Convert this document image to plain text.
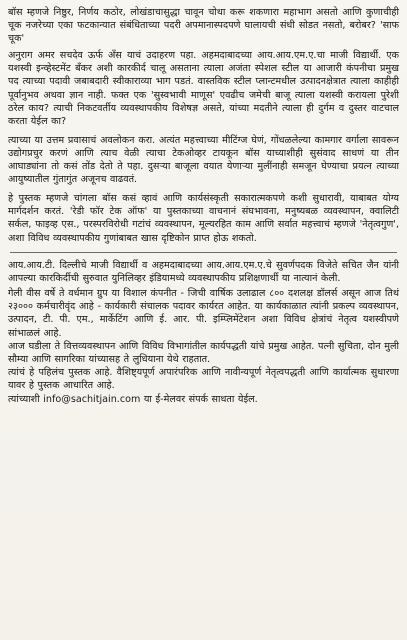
बॉस म्हणजे निष्ठुर, निर्णय कठोर, लोखंडाचासुद्धा चावून चोथा करू शकणारा महाभाग असतो आणि कुणाचीही चूक नजरेच्या एका फटकान्यात संबंधिताच्या पदरी अपमानास्पदपणे घालायची संधी सोडत नसतो, बरोबर? 'साफ चूक'

अनुराग अमर सचदेव ऊर्फ अँस याचं उदाहरण पहा. अहमदाबादच्या आय.आय.एम.ए.चा माजी विद्यार्थी. एक यशस्वी इन्व्हेस्टमेंट बँकर अशी कारकीर्द चालू असताना त्याला अजंता स्पेशल स्टील या आजारी कंपनीचा प्रमुख पद त्याच्या पदावी जबाबदारी स्वीकाराव्या भाग पडतं. वास्तविक स्टील प्लान्टमधील उत्पादनक्षेत्रात त्याला काहीही पूर्वानुभव अथवा ज्ञान नाही. फक्त एक 'सुस्वभावी माणूस' एवढीच जमेची बाजू त्याला यशस्वी करायला पुरेशी ठरेल काय? त्याची निकटवर्तीय व्यवस्थापकीय विशेषज्ञ असते, यांच्या मदतीने त्याला ही दुर्गम व दुस्तर वाटचाल करता येईल का?

त्याच्या या उत्तम प्रवासाचं अवलोकन करा. अत्यंत महत्त्वाच्या मीटिंग्ज घेणं, गोंधळलेल्या कामगार वर्गाला सावरून उद्योगप्रचुर करणं आणि त्याच वेळी त्याचा टेकओव्हर टायकून बॉस याच्याशीही सुसंवाद साधणं या तीन आघाड्यांना तो कसं तोंड देतो ते पहा. दुसऱ्या बाजूला वयात येणाऱ्या मुलींनाही समजून घेण्याचा प्रयत्न त्याच्या आयुष्यातील गुंतागुंत अजूनच वाढवतं.

हे पुस्तक म्हणजे चांगला बॉस कसं व्हावं आणि कार्यसंस्कृती सकारात्मकपणे कशी सुधारावी, याबाबत योग्य मार्गदर्शन करतं. 'रेडी फॉर टेक ऑफ' या पुस्तकाच्या वाचनानं संघभावना, मनुष्यबळ व्यवस्थापन, क्वालिटी सर्कल, फाइव्ह एस., परस्परविरोधी गटांचं व्यवस्थापन, मूल्यरहित काम आणि सर्वात महत्त्वाचं म्हणजे 'नेतृत्वगुण', अशा विविध व्यवस्थापकीय गुणांबाबत खास दृष्टिकोन प्राप्त होऊ शकतो.

आय.आय.टी. दिल्लीचे माजी विद्यार्थी व अहमदाबादच्या आय.आय.एम.ए.चे सुवर्णपदक विजेते सचित जैन यांनी आपल्या कारकिर्दीची सुरुवात युनिलिव्हर इंडियामध्ये व्यवस्थापकीय प्रशिक्षणार्थी या नात्यानं केली.

गेली वीस वर्षे ते वर्धमान ग्रुप या विशाल कंपनीत - जिची वार्षिक उलाढाल ८०० दशलक्ष डॉलर्स असून आज तिथं २३००० कर्मचारीवृंद आहे - कार्यकारी संचालक पदावर कार्यरत आहेत. या कार्यकाळात त्यांनी प्रकल्प व्यवस्थापन, उत्पादन, टी. पी. एम., मार्केटिंग आणि ई. आर. पी. इम्प्लिमेंटेशन अशा विविध क्षेत्रांचं नेतृत्व यशस्वीपणे सांभाळलं आहे.

आज घडीला ते वित्तव्यवस्थापन आणि विविध विभागांतील कार्यपद्धती यांचे प्रमुख आहेत. पत्नी सुचिता, दोन मुली सौम्या आणि सागरिका यांच्यासह ते लुधियाना येथे राहतात.

त्यांचं हे पहिलंच पुस्तक आहे. वैशिष्ट्यपूर्ण अपारंपरिक आणि नावीन्यपूर्ण नेतृत्वपद्धती आणि कार्यात्मक सुधारणा यावर हे पुस्तक आधारित आहे.

त्यांच्याशी info@sachitjain.com या ई-मेलवर संपर्क साधता येईल.
